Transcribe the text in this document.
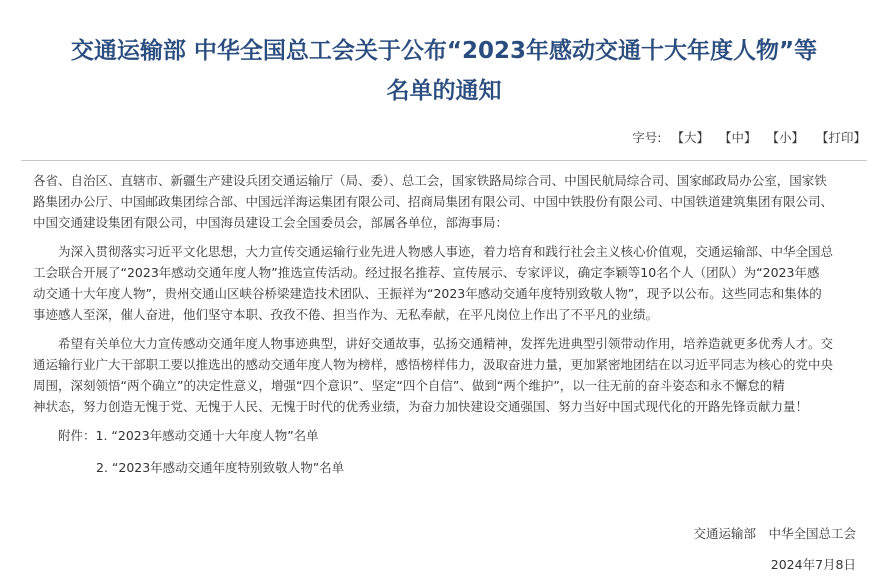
交通运输部 中华全国总工会关于公布“2023年感动交通十大年度人物”等
名单的通知
字号: 【大】 【中】 【小】 【打印】
各省、自治区、直辖市、新疆生产建设兵团交通运输厅（局、委）、总工会，国家铁路局综合司、中国民航局综合司、国家邮政局办公室，国家铁
路集团办公厅、中国邮政集团综合部、中国远洋海运集团有限公司、招商局集团有限公司、中国中铁股份有限公司、中国铁道建筑集团有限公司、
中国交通建设集团有限公司，中国海员建设工会全国委员会，部属各单位，部海事局：
为深入贯彻落实习近平文化思想，大力宣传交通运输行业先进人物感人事迹，着力培育和践行社会主义核心价值观，交通运输部、中华全国总
工会联合开展了“2023年感动交通年度人物”推选宣传活动。经过报名推荐、宣传展示、专家评议，确定李颖等10名个人（团队）为“2023年感
动交通十大年度人物”，贵州交通山区峡谷桥梁建造技术团队、王振祥为“2023年感动交通年度特别致敬人物”，现予以公布。这些同志和集体的
事迹感人至深，催人奋进，他们坚守本职、孜孜不倦、担当作为、无私奉献，在平凡岗位上作出了不平凡的业绩。
希望有关单位大力宣传感动交通年度人物事迹典型，讲好交通故事，弘扬交通精神，发挥先进典型引领带动作用，培养造就更多优秀人才。交
通运输行业广大干部职工要以推选出的感动交通年度人物为榜样，感悟榜样伟力，汲取奋进力量，更加紧密地团结在以习近平同志为核心的党中央
周围，深刻领悟“两个确立”的决定性意义，增强“四个意识”、坚定“四个自信”、做到“两个维护”，以一往无前的奋斗姿态和永不懈怠的精
神状态，努力创造无愧于党、无愧于人民、无愧于时代的优秀业绩，为奋力加快建设交通强国、努力当好中国式现代化的开路先锋贡献力量！
附件：1. “2023年感动交通十大年度人物”名单
2. “2023年感动交通年度特别致敬人物”名单
交通运输部　中华全国总工会
2024年7月8日
